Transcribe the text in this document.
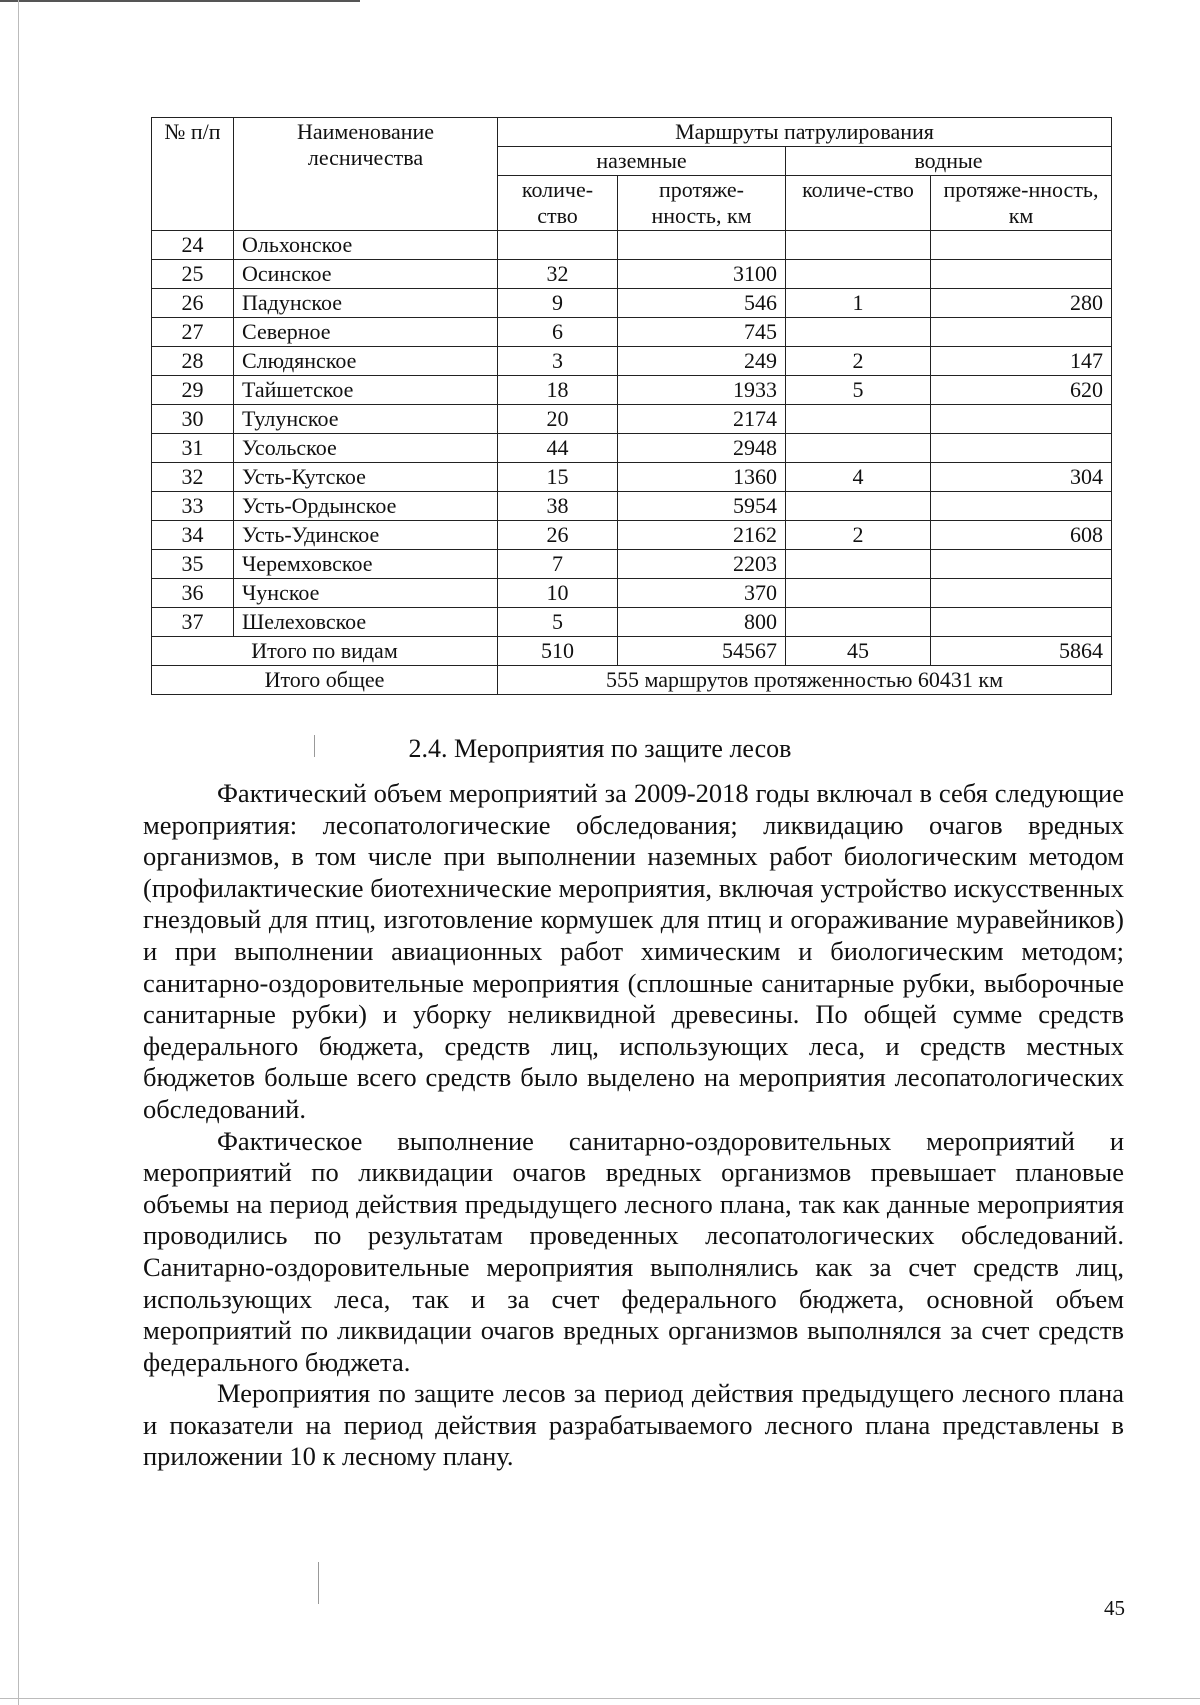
№ п/п	Наименование лесничества	Маршруты патрулирования			
		наземные		водные	
		количе-ство	протяже-нность, км	количе-ство	протяже-нность, км
24	Ольхонское				
25	Осинское	32	3100		
26	Падунское	9	546	1	280
27	Северное	6	745		
28	Слюдянское	3	249	2	147
29	Тайшетское	18	1933	5	620
30	Тулунское	20	2174		
31	Усольское	44	2948		
32	Усть-Кутское	15	1360	4	304
33	Усть-Ордынское	38	5954		
34	Усть-Удинское	26	2162	2	608
35	Черемховское	7	2203		
36	Чунское	10	370		
37	Шелеховское	5	800		
Итого по видам		510	54567	45	5864
Итого общее		555 маршрутов протяженностью 60431 км			
2.4. Мероприятия по защите лесов

Фактический объем мероприятий за 2009-2018 годы включал в себя следующие мероприятия: лесопатологические обследования; ликвидацию очагов вредных организмов, в том числе при выполнении наземных работ биологическим методом (профилактические биотехнические мероприятия, включая устройство искусственных гнездовый для птиц, изготовление кормушек для птиц и огораживание муравейников) и при выполнении авиационных работ химическим и биологическим методом; санитарно-оздоровительные мероприятия (сплошные санитарные рубки, выборочные санитарные рубки) и уборку неликвидной древесины. По общей сумме средств федерального бюджета, средств лиц, использующих леса, и средств местных бюджетов больше всего средств было выделено на мероприятия лесопатологических обследований.

Фактическое выполнение санитарно-оздоровительных мероприятий и мероприятий по ликвидации очагов вредных организмов превышает плановые объемы на период действия предыдущего лесного плана, так как данные мероприятия проводились по результатам проведенных лесопатологических обследований. Санитарно-оздоровительные мероприятия выполнялись как за счет средств лиц, использующих леса, так и за счет федерального бюджета, основной объем мероприятий по ликвидации очагов вредных организмов выполнялся за счет средств федерального бюджета.

Мероприятия по защите лесов за период действия предыдущего лесного плана и показатели на период действия разрабатываемого лесного плана представлены в приложении 10 к лесному плану.

45
